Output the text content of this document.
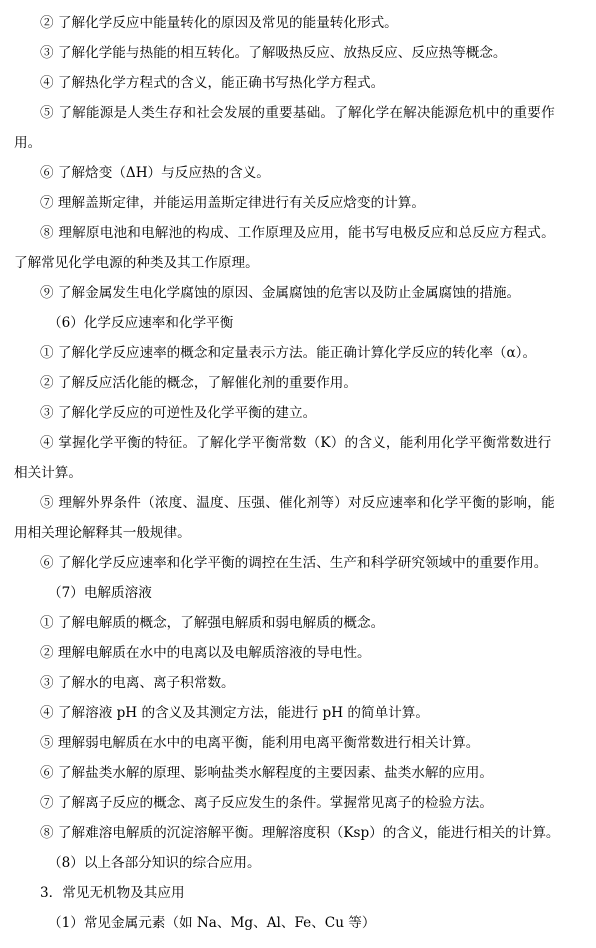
② 了解化学反应中能量转化的原因及常见的能量转化形式。
③ 了解化学能与热能的相互转化。了解吸热反应、放热反应、反应热等概念。
④ 了解热化学方程式的含义，能正确书写热化学方程式。
⑤ 了解能源是人类生存和社会发展的重要基础。了解化学在解决能源危机中的重要作
用。
⑥ 了解焓变（ΔH）与反应热的含义。
⑦ 理解盖斯定律，并能运用盖斯定律进行有关反应焓变的计算。
⑧ 理解原电池和电解池的构成、工作原理及应用，能书写电极反应和总反应方程式。
了解常见化学电源的种类及其工作原理。
⑨ 了解金属发生电化学腐蚀的原因、金属腐蚀的危害以及防止金属腐蚀的措施。
（6）化学反应速率和化学平衡
① 了解化学反应速率的概念和定量表示方法。能正确计算化学反应的转化率（α）。
② 了解反应活化能的概念，了解催化剂的重要作用。
③ 了解化学反应的可逆性及化学平衡的建立。
④ 掌握化学平衡的特征。了解化学平衡常数（K）的含义，能利用化学平衡常数进行
相关计算。
⑤ 理解外界条件（浓度、温度、压强、催化剂等）对反应速率和化学平衡的影响，能
用相关理论解释其一般规律。
⑥ 了解化学反应速率和化学平衡的调控在生活、生产和科学研究领域中的重要作用。
（7）电解质溶液
① 了解电解质的概念，了解强电解质和弱电解质的概念。
② 理解电解质在水中的电离以及电解质溶液的导电性。
③ 了解水的电离、离子积常数。
④ 了解溶液 pH 的含义及其测定方法，能进行 pH 的简单计算。
⑤ 理解弱电解质在水中的电离平衡，能利用电离平衡常数进行相关计算。
⑥ 了解盐类水解的原理、影响盐类水解程度的主要因素、盐类水解的应用。
⑦ 了解离子反应的概念、离子反应发生的条件。掌握常见离子的检验方法。
⑧ 了解难溶电解质的沉淀溶解平衡。理解溶度积（Ksp）的含义，能进行相关的计算。
（8）以上各部分知识的综合应用。
3．常见无机物及其应用
（1）常见金属元素（如 Na、Mg、Al、Fe、Cu 等）
